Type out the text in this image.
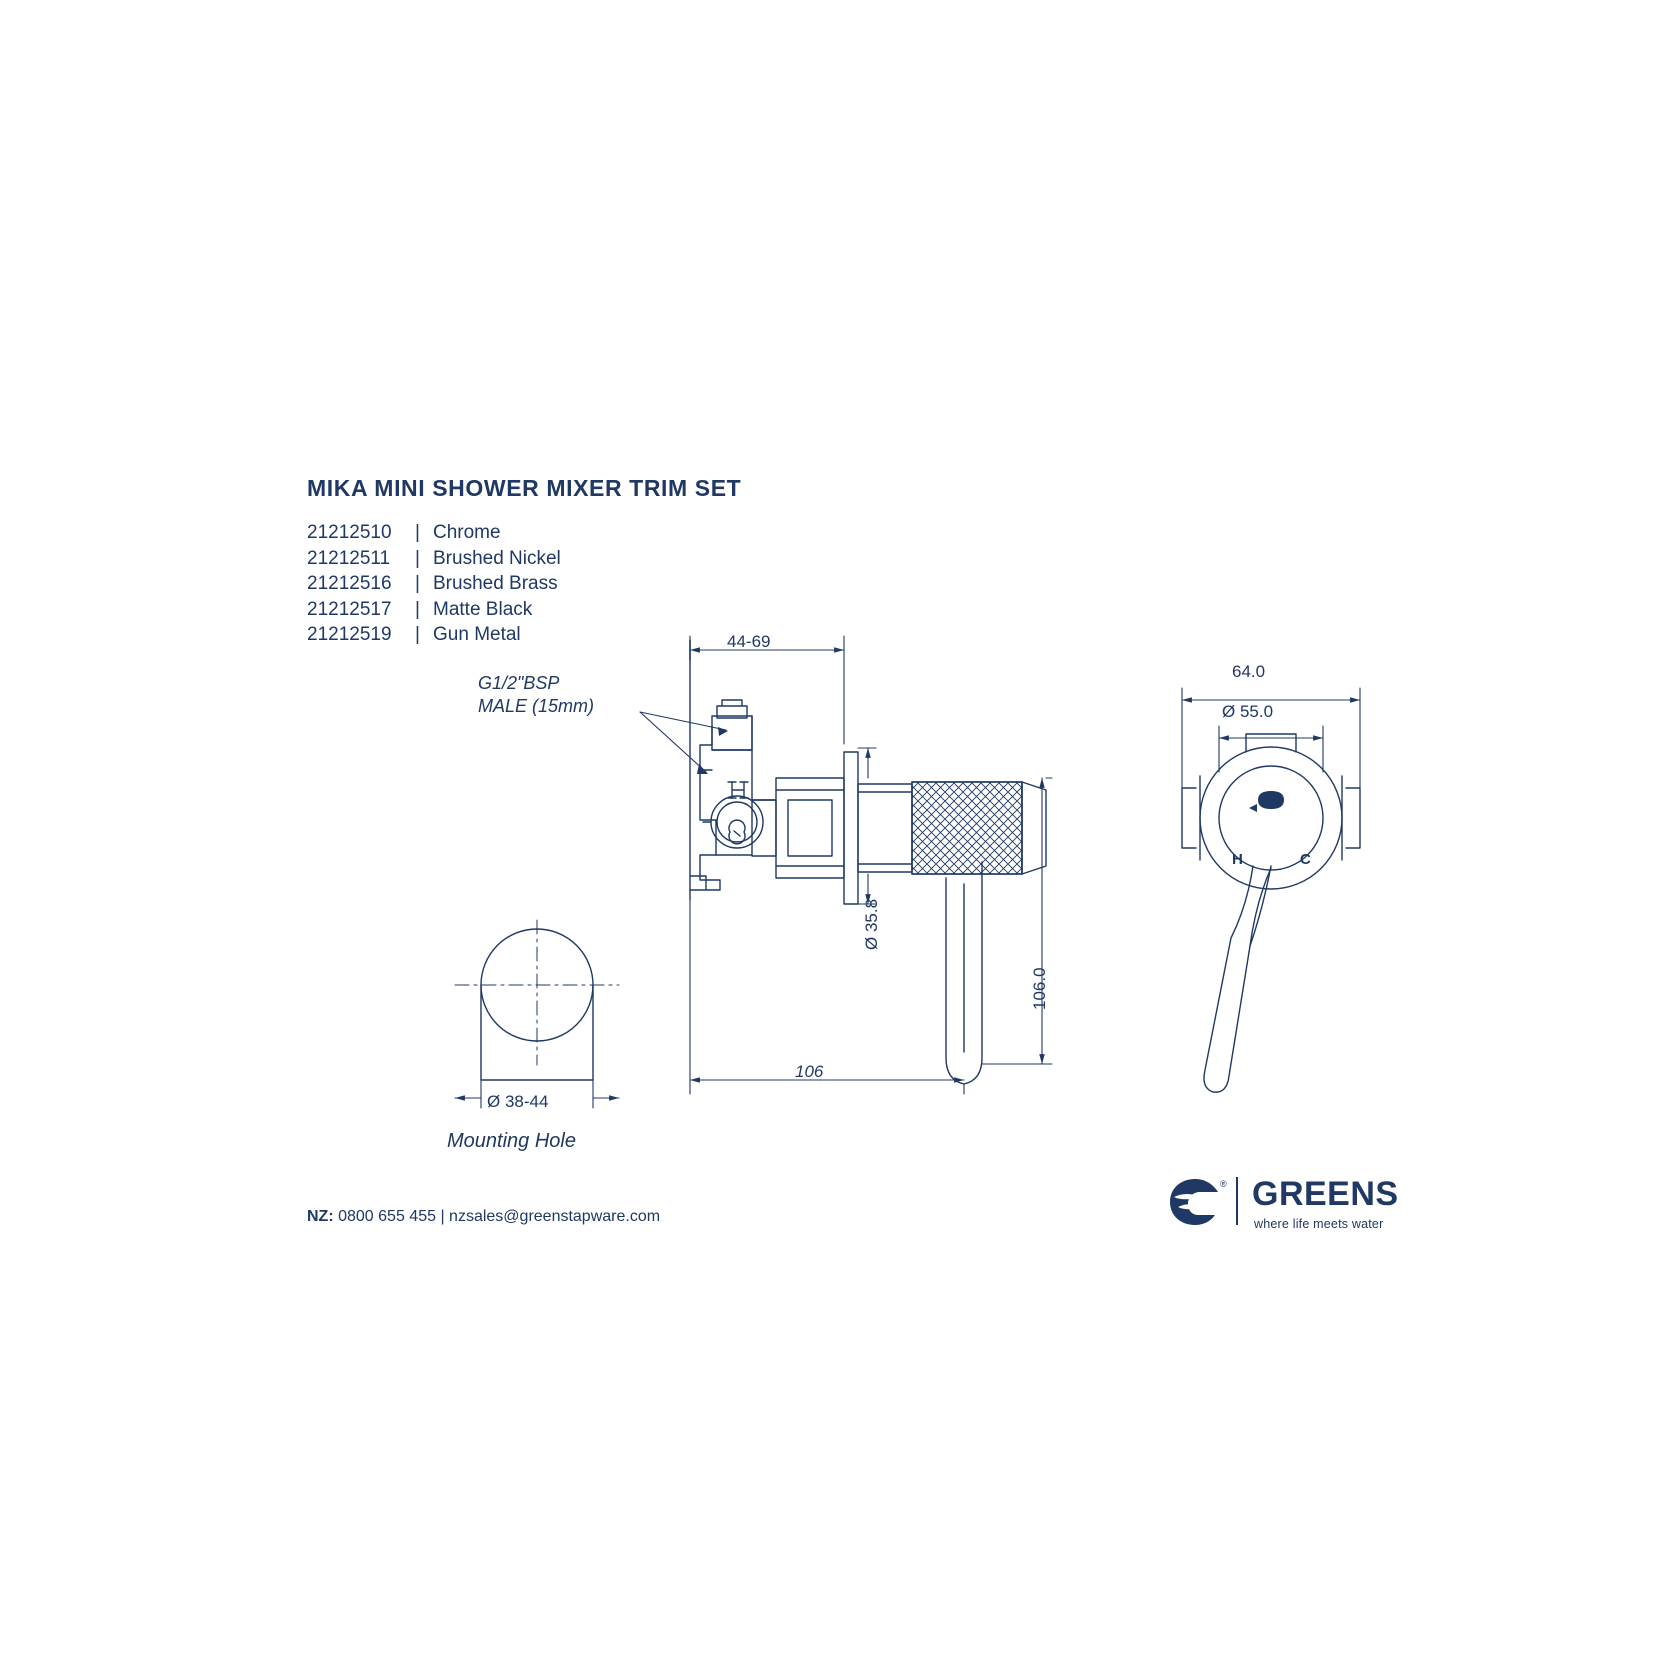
MIKA MINI SHOWER MIXER TRIM SET
21212510 | Chrome
21212511 | Brushed Nickel
21212516 | Brushed Brass
21212517 | Matte Black
21212519 | Gun Metal
H	C
G1/2"BSP
MALE (15mm)
44-69
106
Ø 35.8
106.0
64.0
Ø 55.0
Ø 38-44
Mounting Hole
NZ: 0800 655 455 | nzsales@greenstapware.com
® GREENS
where life meets water
